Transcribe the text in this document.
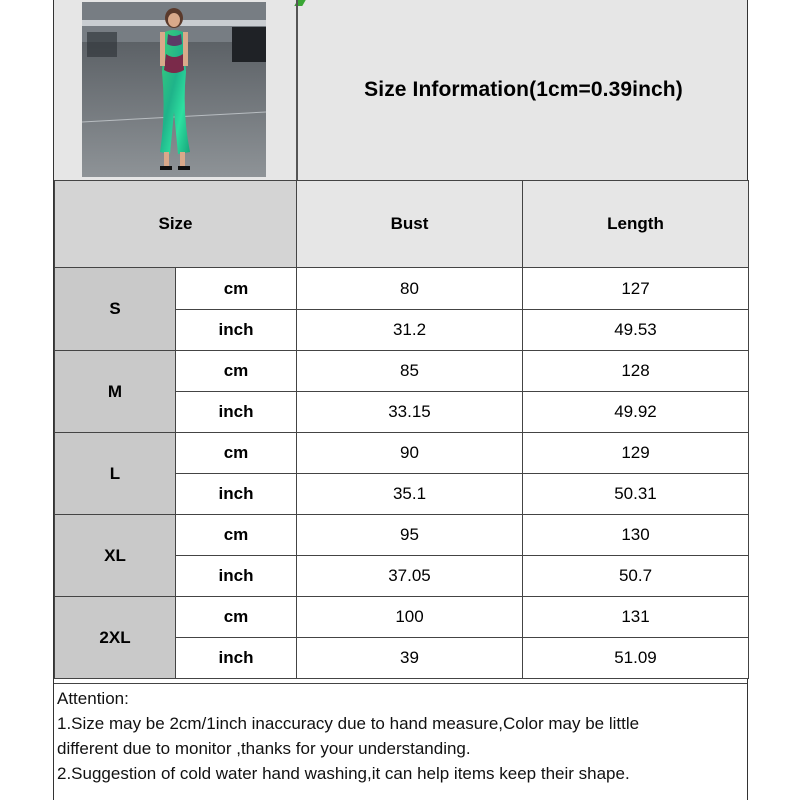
Size Information(1cm=0.39inch)
Size		Bust	Length
S	cm	80	127
	inch	31.2	49.53
M	cm	85	128
	inch	33.15	49.92
L	cm	90	129
	inch	35.1	50.31
XL	cm	95	130
	inch	37.05	50.7
2XL	cm	100	131
	inch	39	51.09

Attention:

1.Size may be 2cm/1inch inaccuracy due to hand measure,Color may be little

different due to monitor ,thanks for your understanding.

2.Suggestion of cold water hand washing,it can help items keep their shape.
